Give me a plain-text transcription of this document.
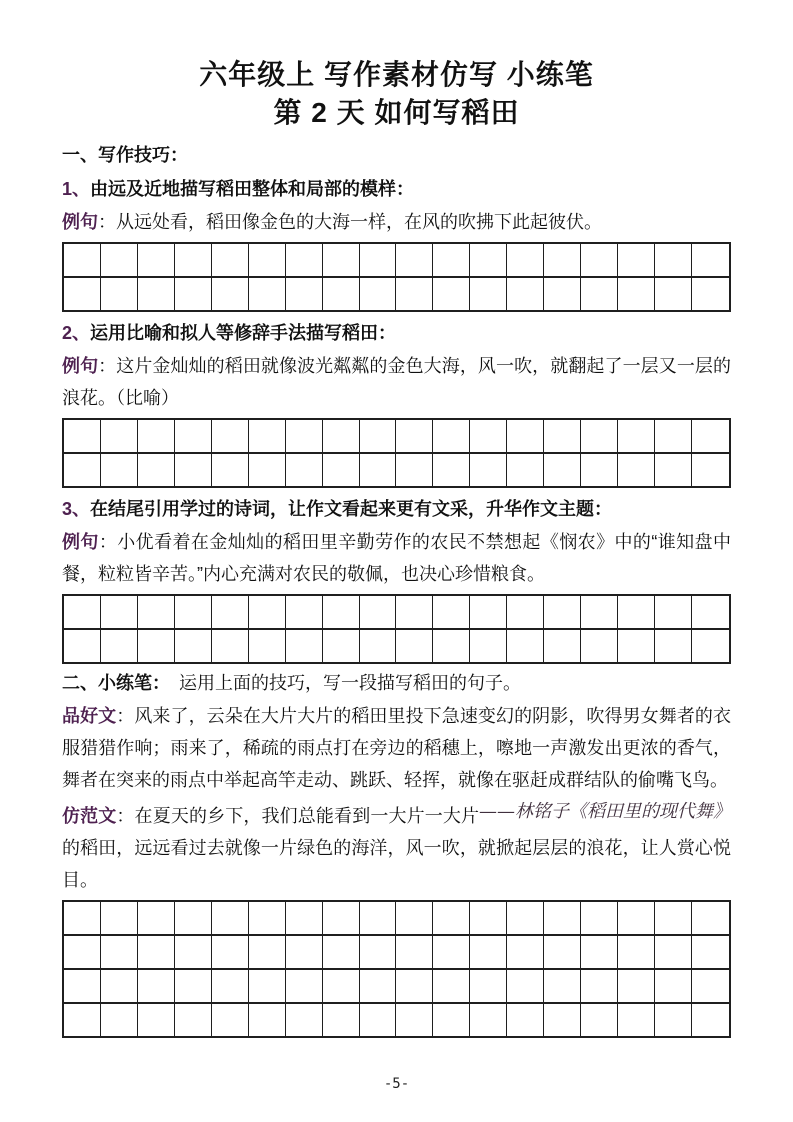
六年级上 写作素材仿写 小练笔
第 2 天 如何写稻田
一、写作技巧：
1、由远及近地描写稻田整体和局部的模样：

例句：从远处看，稻田像金色的大海一样，在风的吹拂下此起彼伏。

2、运用比喻和拟人等修辞手法描写稻田：

例句：这片金灿灿的稻田就像波光粼粼的金色大海，风一吹，就翻起了一层又一层的浪花。（比喻）

3、在结尾引用学过的诗词，让作文看起来更有文采，升华作文主题：

例句：小优看着在金灿灿的稻田里辛勤劳作的农民不禁想起《悯农》中的“谁知盘中餐，粒粒皆辛苦。”内心充满对农民的敬佩，也决心珍惜粮食。

二、小练笔： 运用上面的技巧，写一段描写稻田的句子。

品好文：风来了，云朵在大片大片的稻田里投下急速变幻的阴影，吹得男女舞者的衣服猎猎作响；雨来了，稀疏的雨点打在旁边的稻穗上，嚓地一声激发出更浓的香气，舞者在突来的雨点中举起高竿走动、跳跃、轻挥，就像在驱赶成群结队的偷嘴飞鸟。
——林铭子《稻田里的现代舞》

仿范文：在夏天的乡下，我们总能看到一大片一大片的稻田，远远看过去就像一片绿色的海洋，风一吹，就掀起层层的浪花，让人赏心悦目。

-5-
